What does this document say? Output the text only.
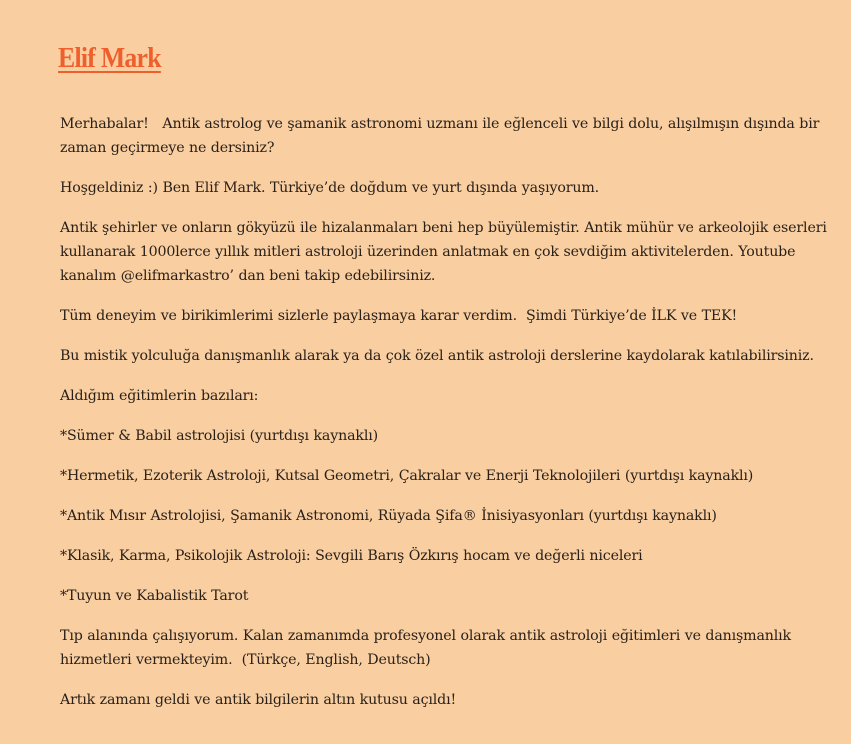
Elif Mark

Merhabalar!   Antik astrolog ve şamanik astronomi uzmanı ile eğlenceli ve bilgi dolu, alışılmışın dışında bir zaman geçirmeye ne dersiniz?

Hoşgeldiniz :) Ben Elif Mark. Türkiye’de doğdum ve yurt dışında yaşıyorum.

Antik şehirler ve onların gökyüzü ile hizalanmaları beni hep büyülemiştir. Antik mühür ve arkeolojik eserleri kullanarak 1000lerce yıllık mitleri astroloji üzerinden anlatmak en çok sevdiğim aktivitelerden. Youtube kanalım @elifmarkastro’ dan beni takip edebilirsiniz.

Tüm deneyim ve birikimlerimi sizlerle paylaşmaya karar verdim.  Şimdi Türkiye’de İLK ve TEK!

Bu mistik yolculuğa danışmanlık alarak ya da çok özel antik astroloji derslerine kaydolarak katılabilirsiniz.

Aldığım eğitimlerin bazıları:

*Sümer & Babil astrolojisi (yurtdışı kaynaklı)

*Hermetik, Ezoterik Astroloji, Kutsal Geometri, Çakralar ve Enerji Teknolojileri (yurtdışı kaynaklı)

*Antik Mısır Astrolojisi, Şamanik Astronomi, Rüyada Şifa® İnisiyasyonları (yurtdışı kaynaklı)

*Klasik, Karma, Psikolojik Astroloji: Sevgili Barış Özkırış hocam ve değerli niceleri

*Tuyun ve Kabalistik Tarot

Tıp alanında çalışıyorum. Kalan zamanımda profesyonel olarak antik astroloji eğitimleri ve danışmanlık hizmetleri vermekteyim.  (Türkçe, English, Deutsch)

Artık zamanı geldi ve antik bilgilerin altın kutusu açıldı!
